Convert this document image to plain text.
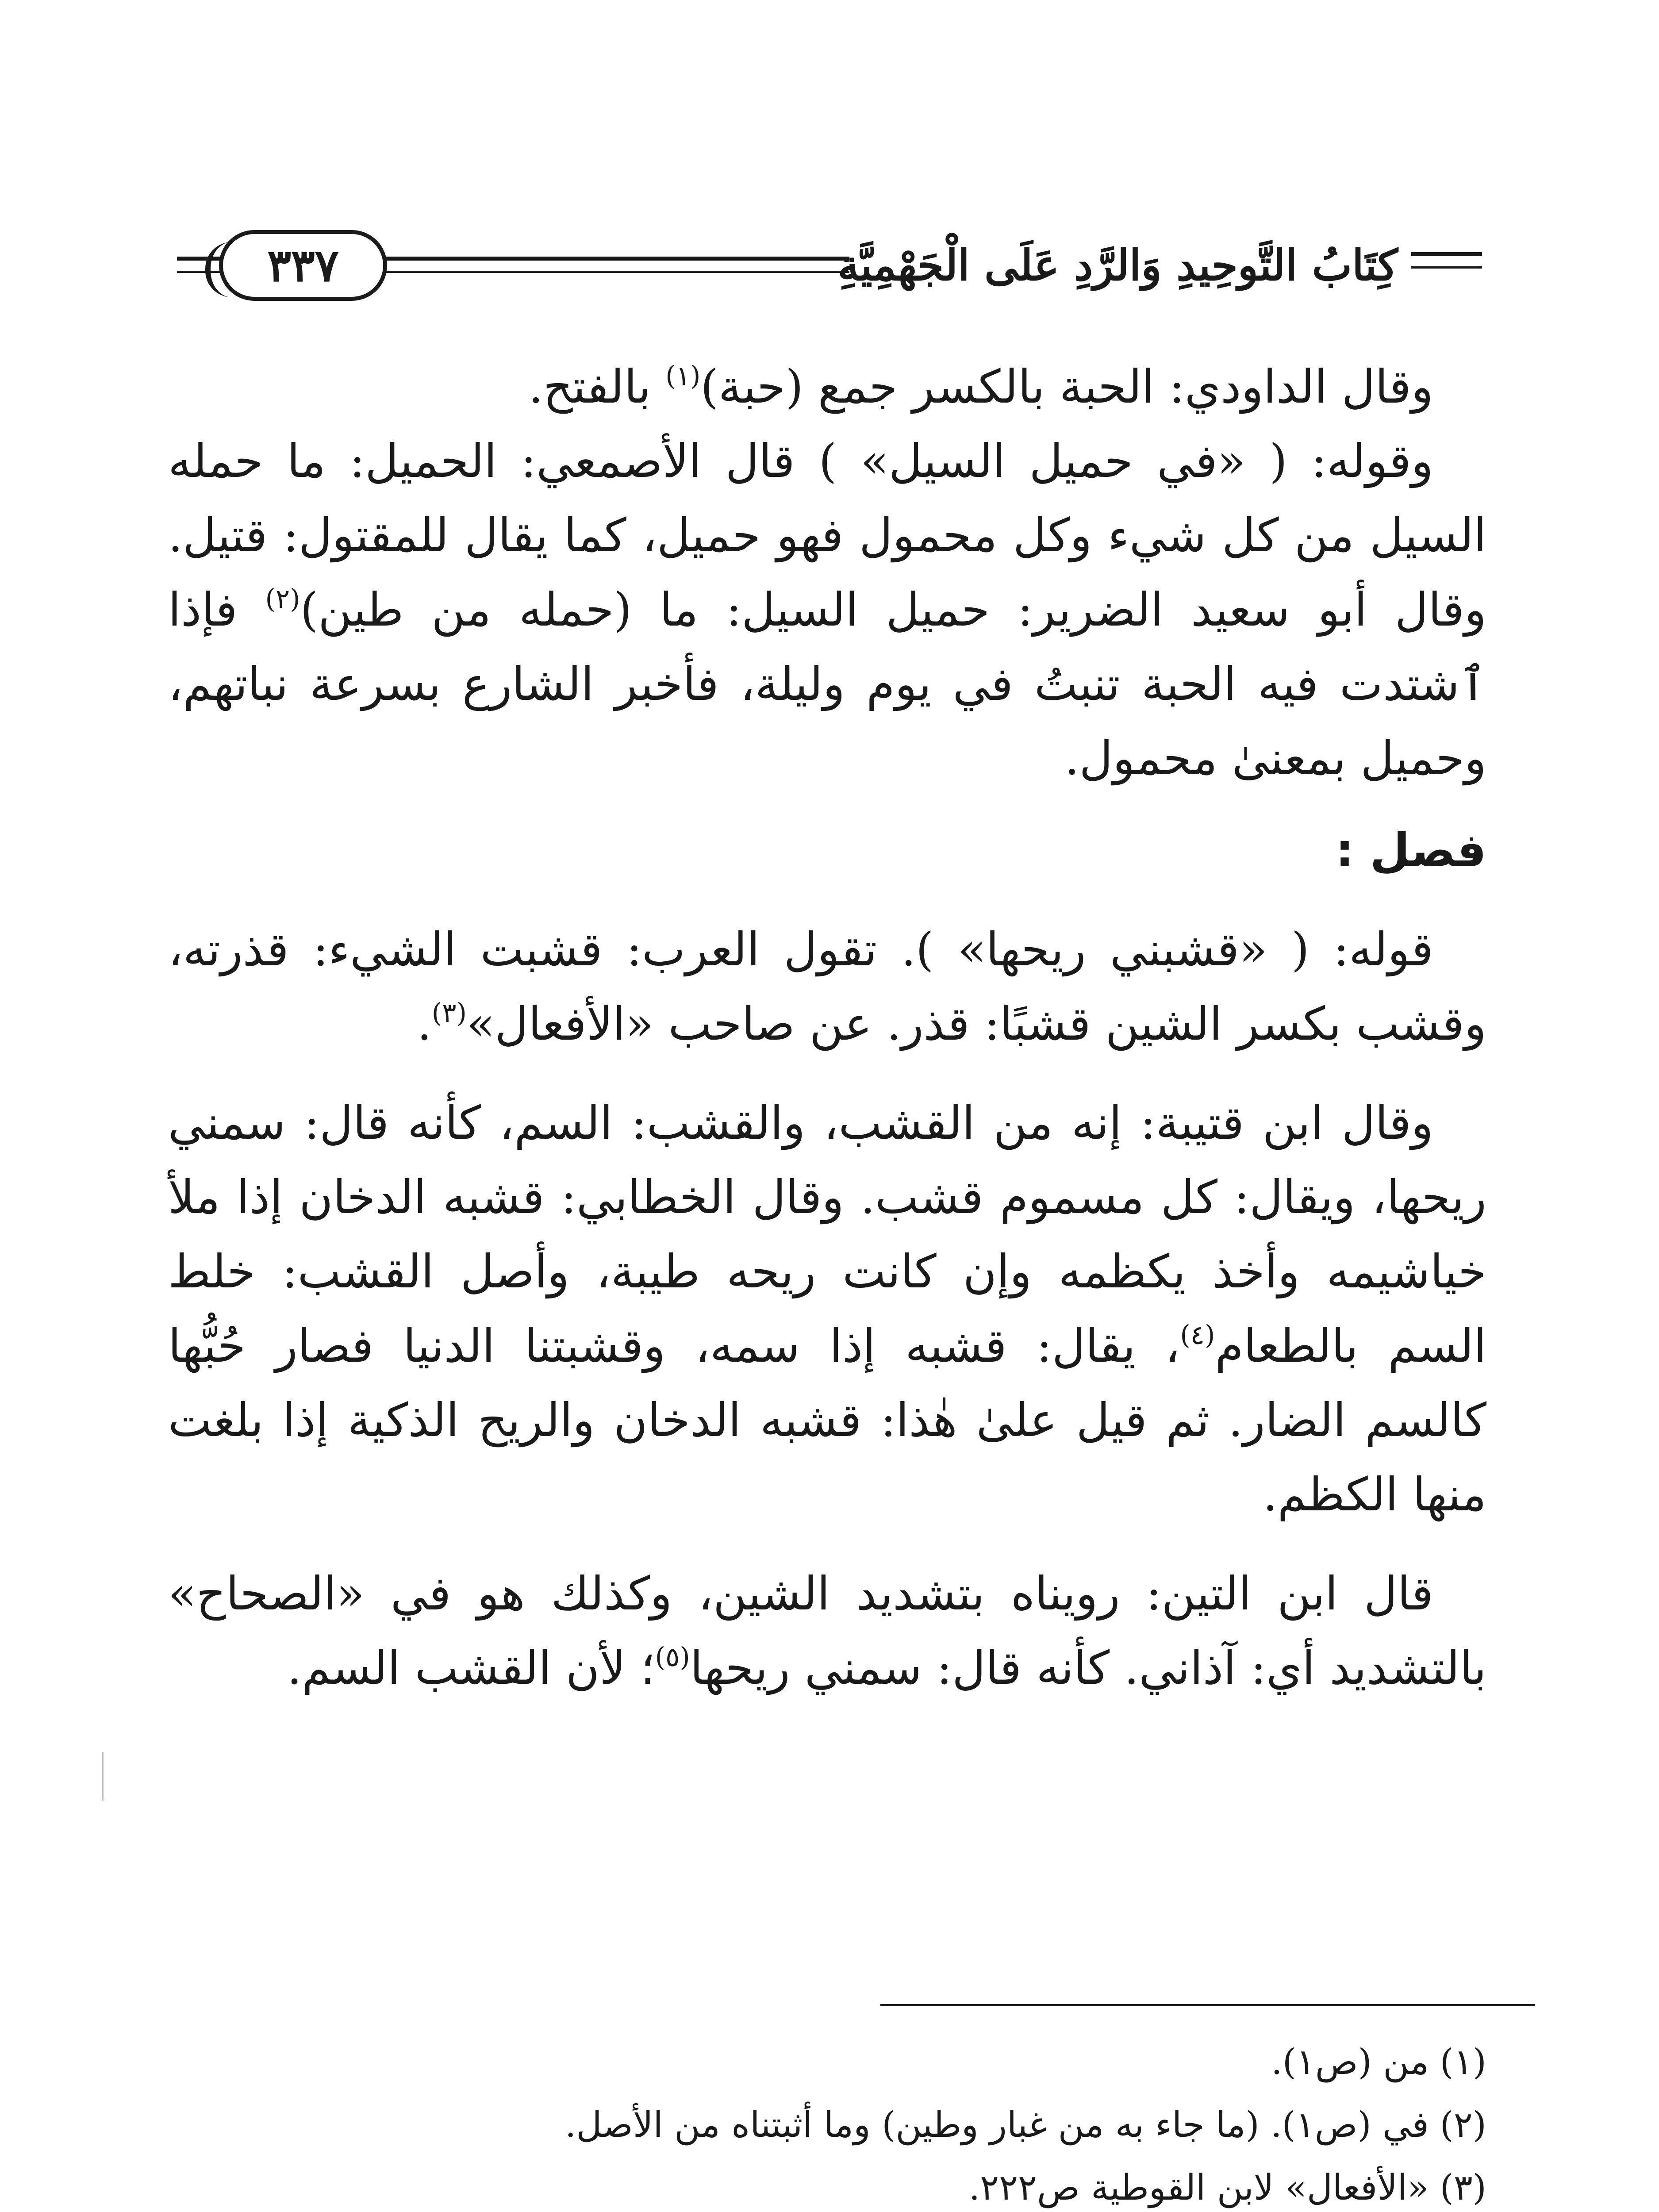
كِتَابُ التَّوحِيدِ وَالرَّدِ عَلَى الْجَهْمِيَّةِ
٣٣٧

وقال الداودي: الحبة بالكسر جمع (حبة)$^{(١)}$ بالفتح.

وقوله: ( «في حميل السيل» ) قال الأصمعي: الحميل: ما حمله السيل من كل شيء وكل محمول فهو حميل، كما يقال للمقتول: قتيل. وقال أبو سعيد الضرير: حميل السيل: ما (حمله من طين)$^{(٢)}$ فإذا ٱشتدت فيه الحبة تنبتُ في يوم وليلة، فأخبر الشارع بسرعة نباتهم، وحميل بمعنىٰ محمول.

فصل :

قوله: ( «قشبني ريحها» ). تقول العرب: قشبت الشيء: قذرته، وقشب بكسر الشين قشبًا: قذر. عن صاحب «الأفعال»$^{(٣)}$.

وقال ابن قتيبة: إنه من القشب، والقشب: السم، كأنه قال: سمني ريحها، ويقال: كل مسموم قشب. وقال الخطابي: قشبه الدخان إذا ملأ خياشيمه وأخذ يكظمه وإن كانت ريحه طيبة، وأصل القشب: خلط السم بالطعام$^{(٤)}$، يقال: قشبه إذا سمه، وقشبتنا الدنيا فصار حُبُّها كالسم الضار. ثم قيل علىٰ هٰذا: قشبه الدخان والريح الذكية إذا بلغت منها الكظم.

قال ابن التين: رويناه بتشديد الشين، وكذلك هو في «الصحاح» بالتشديد أي: آذاني. كأنه قال: سمني ريحها$^{(٥)}$؛ لأن القشب السم.

(١)من (ص١).
(٢)في (ص١). (ما جاء به من غبار وطين) وما أثبتناه من الأصل.
(٣)«الأفعال» لابن القوطية ص٢٢٢.
